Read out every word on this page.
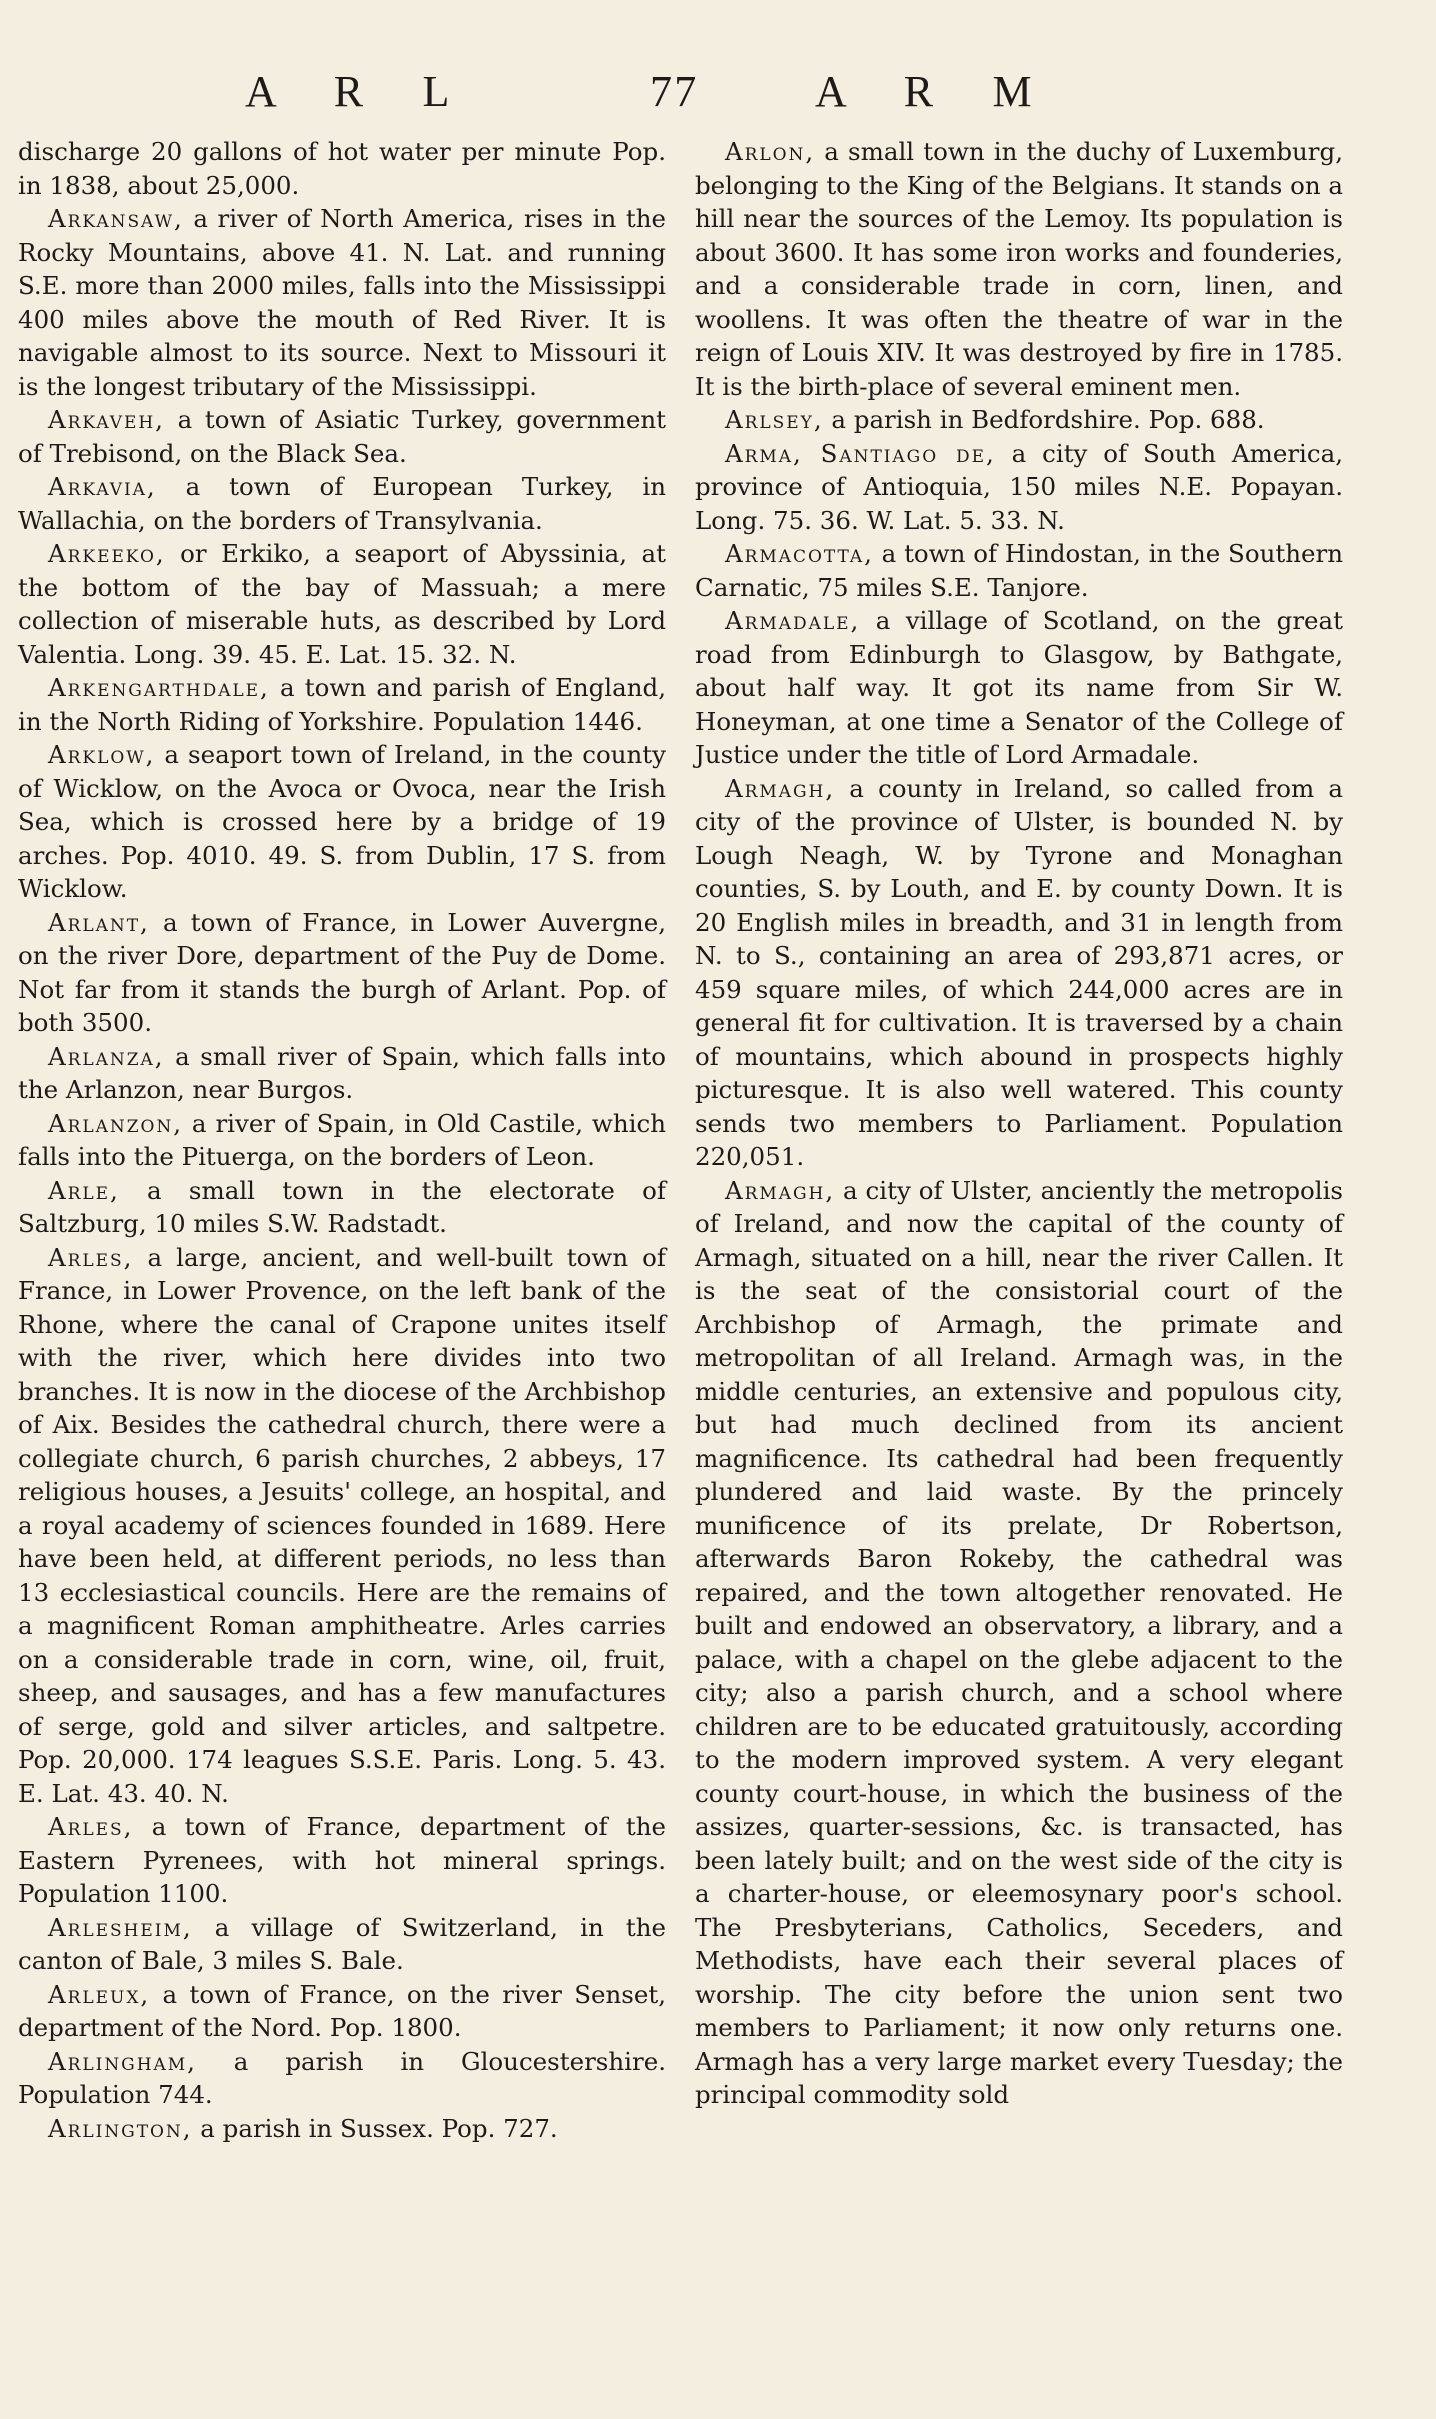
A R L	77	A R M

discharge 20 gallons of hot water per minute Pop. in 1838, about 25,000.

Arkansaw, a river of North America, rises in the Rocky Mountains, above 41. N. Lat. and running S.E. more than 2000 miles, falls into the Mississippi 400 miles above the mouth of Red River. It is navigable almost to its source. Next to Missouri it is the longest tributary of the Mississippi.

Arkaveh, a town of Asiatic Turkey, government of Trebisond, on the Black Sea.

Arkavia, a town of European Turkey, in Wallachia, on the borders of Transylvania.

Arkeeko, or Erkiko, a seaport of Abyssinia, at the bottom of the bay of Massuah; a mere collection of miserable huts, as described by Lord Valentia. Long. 39. 45. E. Lat. 15. 32. N.

Arkengarthdale, a town and parish of England, in the North Riding of Yorkshire. Population 1446.

Arklow, a seaport town of Ireland, in the county of Wicklow, on the Avoca or Ovoca, near the Irish Sea, which is crossed here by a bridge of 19 arches. Pop. 4010. 49. S. from Dublin, 17 S. from Wicklow.

Arlant, a town of France, in Lower Auvergne, on the river Dore, department of the Puy de Dome. Not far from it stands the burgh of Arlant. Pop. of both 3500.

Arlanza, a small river of Spain, which falls into the Arlanzon, near Burgos.

Arlanzon, a river of Spain, in Old Castile, which falls into the Pituerga, on the borders of Leon.

Arle, a small town in the electorate of Saltzburg, 10 miles S.W. Radstadt.

Arles, a large, ancient, and well-built town of France, in Lower Provence, on the left bank of the Rhone, where the canal of Crapone unites itself with the river, which here divides into two branches. It is now in the diocese of the Archbishop of Aix. Besides the cathedral church, there were a collegiate church, 6 parish churches, 2 abbeys, 17 religious houses, a Jesuits' college, an hospital, and a royal academy of sciences founded in 1689. Here have been held, at different periods, no less than 13 ecclesiastical councils. Here are the remains of a magnificent Roman amphitheatre. Arles carries on a considerable trade in corn, wine, oil, fruit, sheep, and sausages, and has a few manufactures of serge, gold and silver articles, and saltpetre. Pop. 20,000. 174 leagues S.S.E. Paris. Long. 5. 43. E. Lat. 43. 40. N.

Arles, a town of France, department of the Eastern Pyrenees, with hot mineral springs. Population 1100.

Arlesheim, a village of Switzerland, in the canton of Bale, 3 miles S. Bale.

Arleux, a town of France, on the river Senset, department of the Nord. Pop. 1800.

Arlingham, a parish in Gloucestershire. Population 744.

Arlington, a parish in Sussex. Pop. 727.

Arlon, a small town in the duchy of Luxemburg, belonging to the King of the Belgians. It stands on a hill near the sources of the Lemoy. Its population is about 3600. It has some iron works and founderies, and a considerable trade in corn, linen, and woollens. It was often the theatre of war in the reign of Louis XIV. It was destroyed by fire in 1785. It is the birth-place of several eminent men.

Arlsey, a parish in Bedfordshire. Pop. 688.

Arma, Santiago de, a city of South America, province of Antioquia, 150 miles N.E. Popayan. Long. 75. 36. W. Lat. 5. 33. N.

Armacotta, a town of Hindostan, in the Southern Carnatic, 75 miles S.E. Tanjore.

Armadale, a village of Scotland, on the great road from Edinburgh to Glasgow, by Bathgate, about half way. It got its name from Sir W. Honeyman, at one time a Senator of the College of Justice under the title of Lord Armadale.

Armagh, a county in Ireland, so called from a city of the province of Ulster, is bounded N. by Lough Neagh, W. by Tyrone and Monaghan counties, S. by Louth, and E. by county Down. It is 20 English miles in breadth, and 31 in length from N. to S., containing an area of 293,871 acres, or 459 square miles, of which 244,000 acres are in general fit for cultivation. It is traversed by a chain of mountains, which abound in prospects highly picturesque. It is also well watered. This county sends two members to Parliament. Population 220,051.

Armagh, a city of Ulster, anciently the metropolis of Ireland, and now the capital of the county of Armagh, situated on a hill, near the river Callen. It is the seat of the consistorial court of the Archbishop of Armagh, the primate and metropolitan of all Ireland. Armagh was, in the middle centuries, an extensive and populous city, but had much declined from its ancient magnificence. Its cathedral had been frequently plundered and laid waste. By the princely munificence of its prelate, Dr Robertson, afterwards Baron Rokeby, the cathedral was repaired, and the town altogether renovated. He built and endowed an observatory, a library, and a palace, with a chapel on the glebe adjacent to the city; also a parish church, and a school where children are to be educated gratuitously, according to the modern improved system. A very elegant county court-house, in which the business of the assizes, quarter-sessions, &c. is transacted, has been lately built; and on the west side of the city is a charter-house, or eleemosynary poor's school. The Presbyterians, Catholics, Seceders, and Methodists, have each their several places of worship. The city before the union sent two members to Parliament; it now only returns one. Armagh has a very large market every Tuesday; the principal commodity sold
